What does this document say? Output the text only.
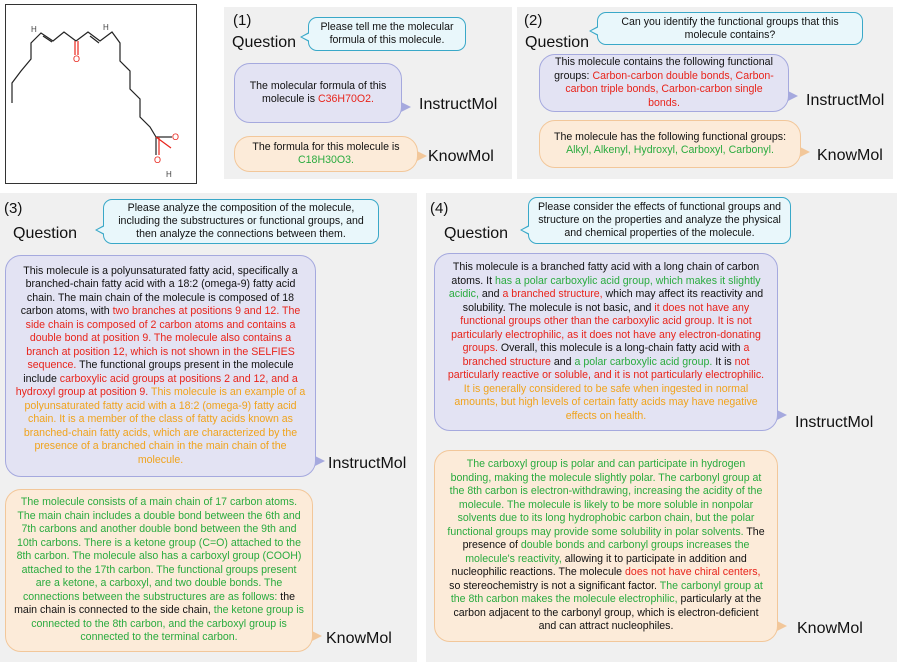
H	H
O
O
O
H
(1)
Question
Please tell me the molecular formula of this molecule.

The molecular formula of this molecule is C36H70O2.	InstructMol

The formula for this molecule is C18H30O3.	KnowMol
(2)
Question
Can you identify the functional groups that this molecule contains?

This molecule contains the following functional groups: Carbon-carbon double bonds, Carbon-carbon triple bonds, Carbon-carbon single bonds.	InstructMol

The molecule has the following functional groups: Alkyl, Alkenyl, Hydroxyl, Carboxyl, Carbonyl.	KnowMol
(3)
Question
Please analyze the composition of the molecule, including the substructures or functional groups, and then analyze the connections between them.

This molecule is a polyunsaturated fatty acid, specifically a branched-chain fatty acid with a 18:2 (omega-9) fatty acid chain. The main chain of the molecule is composed of 18 carbon atoms, with two branches at positions 9 and 12. The side chain is composed of 2 carbon atoms and contains a double bond at position 9. The molecule also contains a branch at position 12, which is not shown in the SELFIES sequence. The functional groups present in the molecule include carboxylic acid groups at positions 2 and 12, and a hydroxyl group at position 9. This molecule is an example of a polyunsaturated fatty acid with a 18:2 (omega-9) fatty acid chain. It is a member of the class of fatty acids known as branched-chain fatty acids, which are characterized by the presence of a branched chain in the main chain of the molecule.	InstructMol

The molecule consists of a main chain of 17 carbon atoms. The main chain includes a double bond between the 6th and 7th carbons and another double bond between the 9th and 10th carbons. There is a ketone group (C=O) attached to the 8th carbon. The molecule also has a carboxyl group (COOH) attached to the 17th carbon. The functional groups present are a ketone, a carboxyl, and two double bonds. The connections between the substructures are as follows: the main chain is connected to the side chain, the ketone group is connected to the 8th carbon, and the carboxyl group is connected to the terminal carbon.	KnowMol
(4)
Question
Please consider the effects of functional groups and structure on the properties and analyze the physical and chemical properties of the molecule.

This molecule is a branched fatty acid with a long chain of carbon atoms. It has a polar carboxylic acid group, which makes it slightly acidic, and a branched structure, which may affect its reactivity and solubility. The molecule is not basic, and it does not have any functional groups other than the carboxylic acid group. It is not particularly electrophilic, as it does not have any electron-donating groups. Overall, this molecule is a long-chain fatty acid with a branched structure and a polar carboxylic acid group. It is not particularly reactive or soluble, and it is not particularly electrophilic. It is generally considered to be safe when ingested in normal amounts, but high levels of certain fatty acids may have negative effects on health.	InstructMol

The carboxyl group is polar and can participate in hydrogen bonding, making the molecule slightly polar. The carbonyl group at the 8th carbon is electron-withdrawing, increasing the acidity of the molecule. The molecule is likely to be more soluble in nonpolar solvents due to its long hydrophobic carbon chain, but the polar functional groups may provide some solubility in polar solvents. The presence of double bonds and carbonyl groups increases the molecule's reactivity, allowing it to participate in addition and nucleophilic reactions. The molecule does not have chiral centers, so stereochemistry is not a significant factor. The carbonyl group at the 8th carbon makes the molecule electrophilic, particularly at the carbon adjacent to the carbonyl group, which is electron-deficient and can attract nucleophiles.	KnowMol
